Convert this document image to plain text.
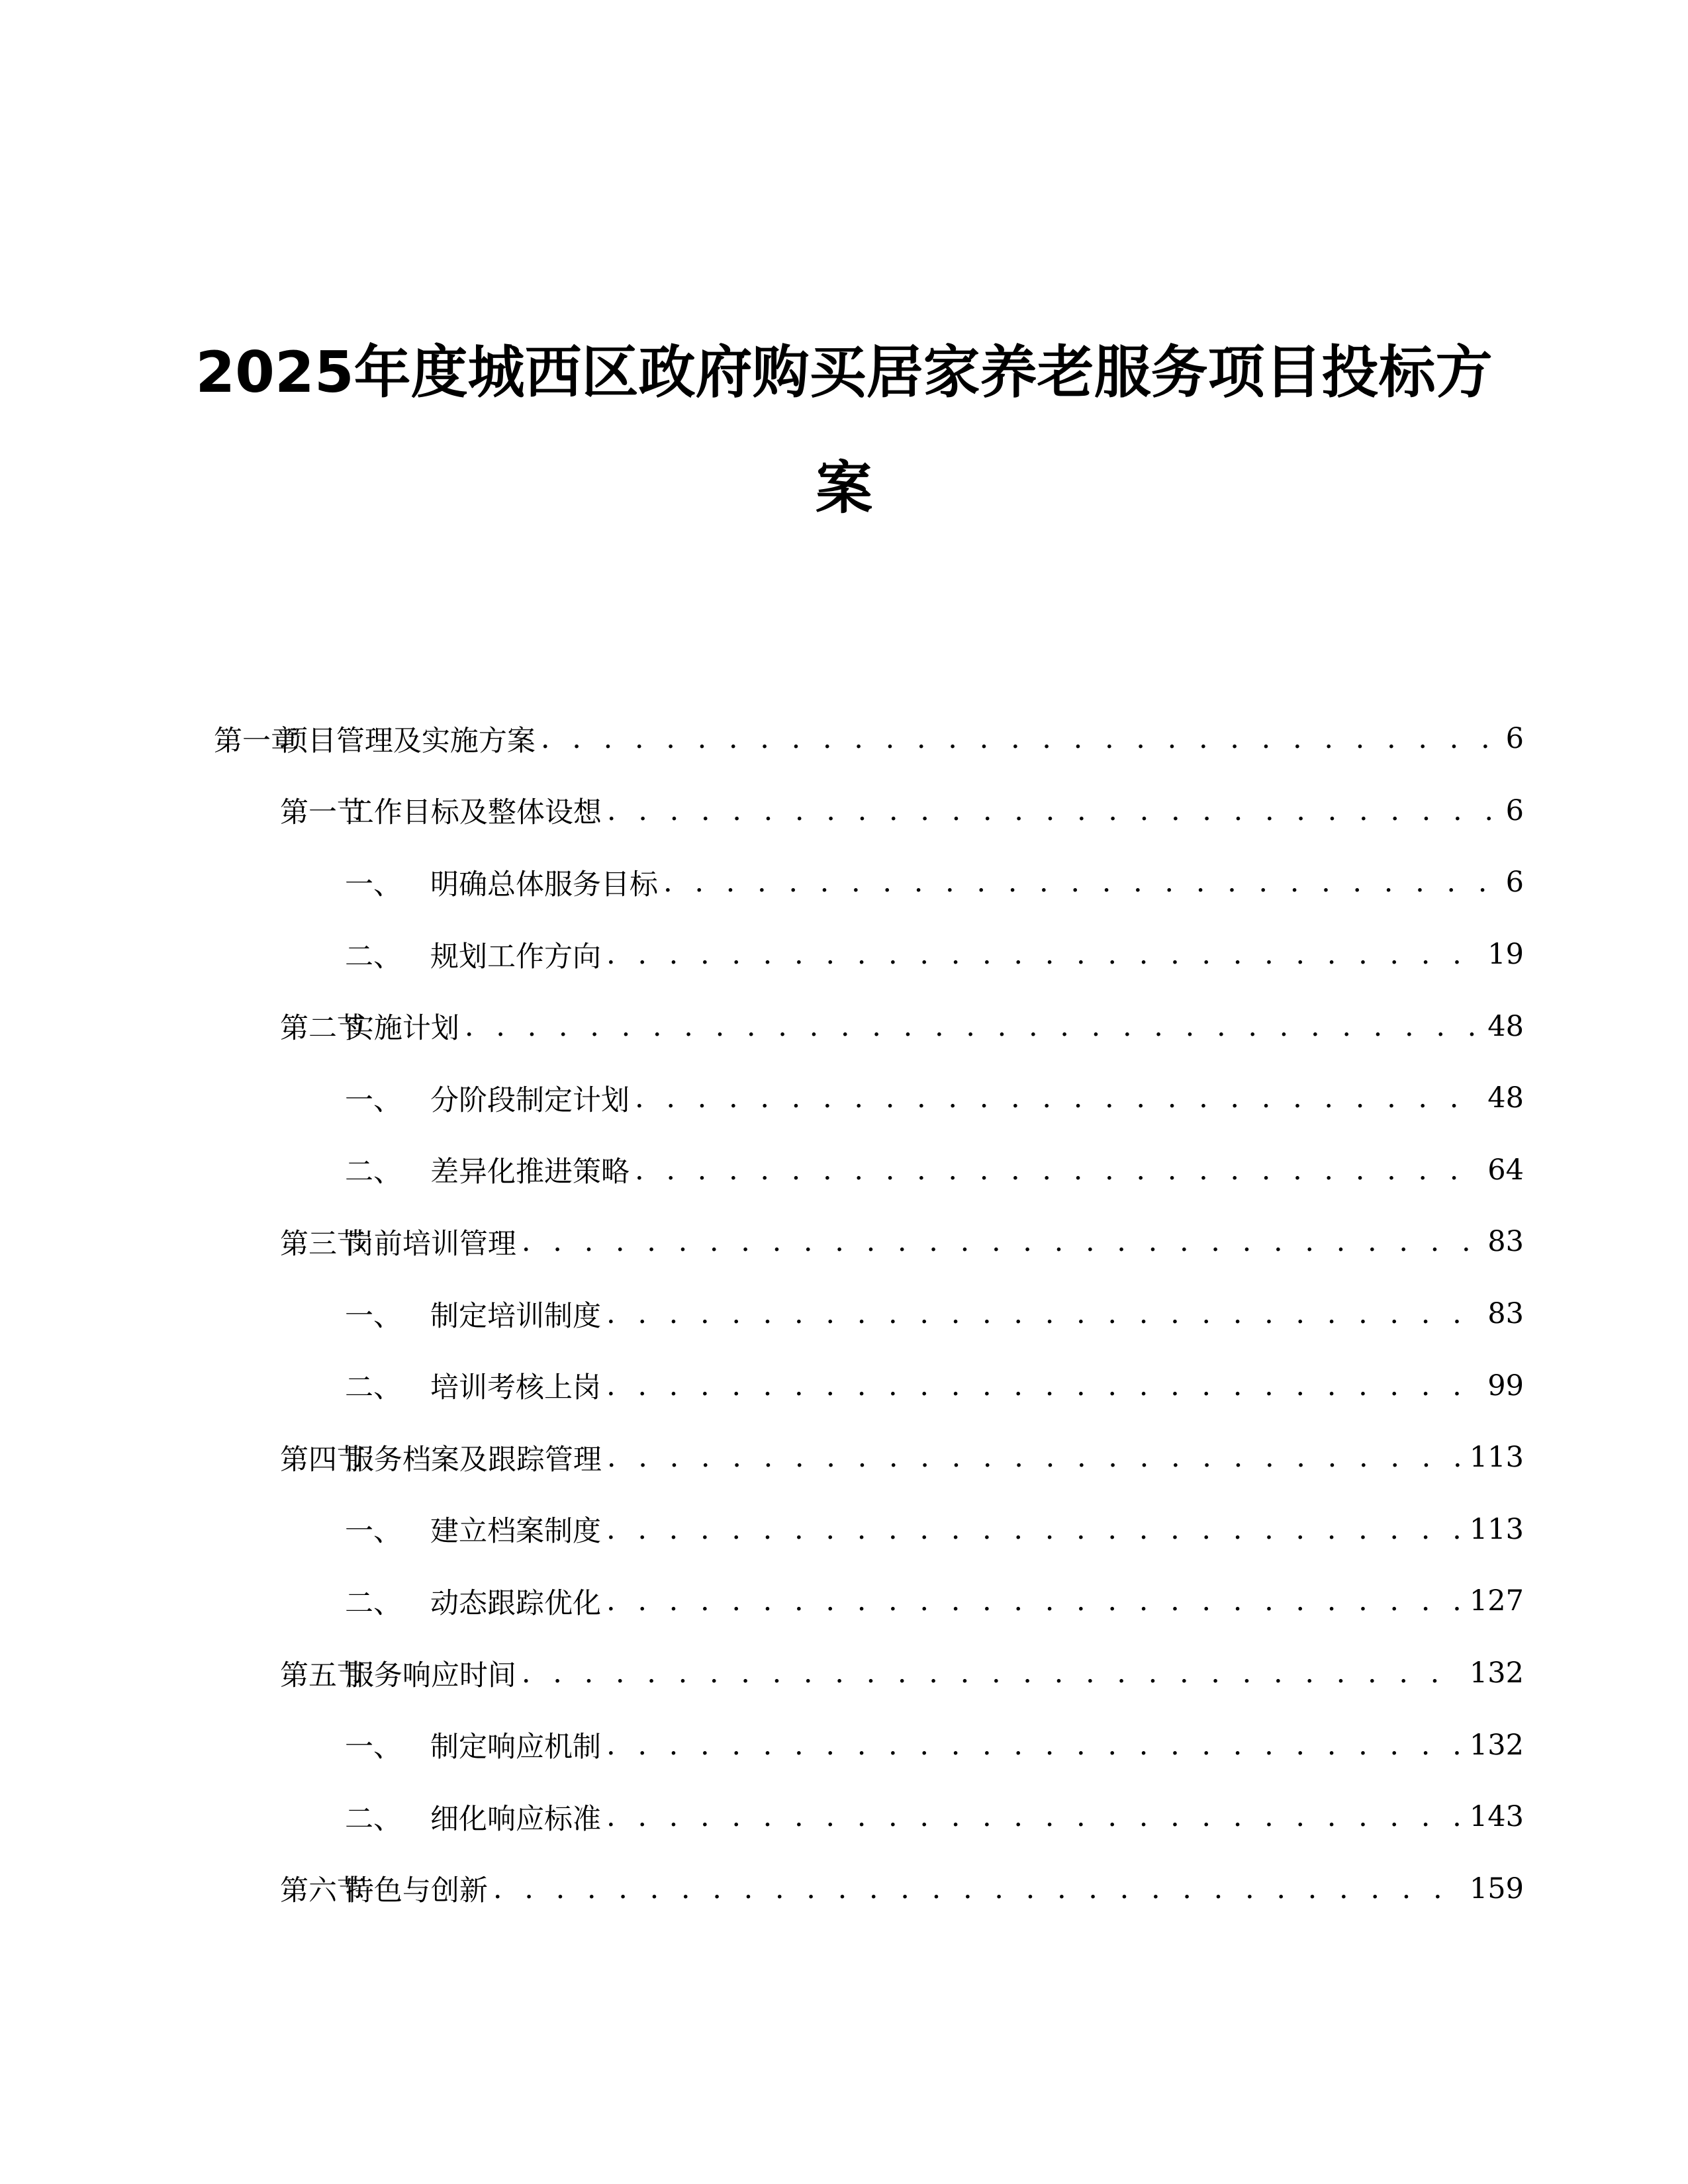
2025年度城西区政府购买居家养老服务项目投标方
案
第一章项目管理及实施方案 . . .	6
第一节工作目标及整体设想 . . .	6
一、 明确总体服务目标 . . .	6
二、 规划工作方向 . . .	19
第二节实施计划 . . .	48
一、 分阶段制定计划 . . .	48
二、 差异化推进策略 . . .	64
第三节岗前培训管理 . . .	83
一、 制定培训制度 . . .	83
二、 培训考核上岗 . . .	99
第四节服务档案及跟踪管理 . . .	113
一、 建立档案制度 . . .	113
二、 动态跟踪优化 . . .	127
第五节服务响应时间 . . .	132
一、 制定响应机制 . . .	132
二、 细化响应标准 . . .	143
第六节特色与创新 . . .	159
